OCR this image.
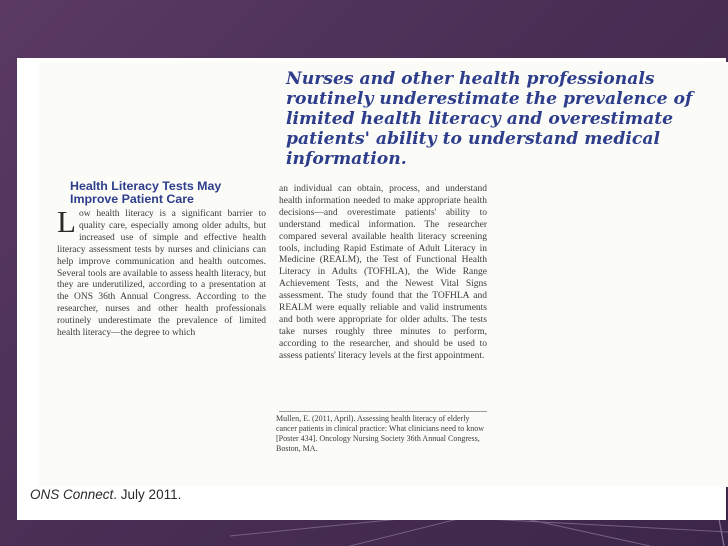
Nurses and other health professionals routinely underestimate the prevalence of limited health literacy and overestimate patients' ability to understand medical information.

Health Literacy Tests May Improve Patient Care

Low health literacy is a significant barrier to quality care, especially among older adults, but increased use of simple and effective health literacy assessment tests by nurses and clinicians can help improve communication and health outcomes. Several tools are available to assess health literacy, but they are underutilized, according to a presentation at the ONS 36th Annual Congress. According to the researcher, nurses and other health professionals routinely underestimate the prevalence of limited health literacy—the degree to which

an individual can obtain, process, and understand health information needed to make appropriate health decisions—and overestimate patients' ability to understand medical information. The researcher compared several available health literacy screening tools, including Rapid Estimate of Adult Literacy in Medicine (REALM), the Test of Functional Health Literacy in Adults (TOFHLA), the Wide Range Achievement Tests, and the Newest Vital Signs assessment. The study found that the TOFHLA and REALM were equally reliable and valid instruments and both were appropriate for older adults. The tests take nurses roughly three minutes to perform, according to the researcher, and should be used to assess patients' literacy levels at the first appointment.

Mullen, E. (2011, April). Assessing health literacy of elderly cancer patients in clinical practice: What clinicians need to know [Poster 434]. Oncology Nursing Society 36th Annual Congress, Boston, MA.

ONS Connect. July 2011.
